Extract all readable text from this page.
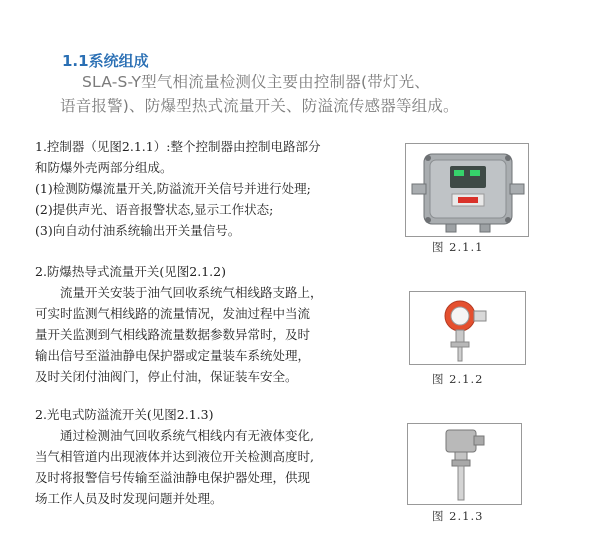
1.1系统组成
SLA-S-Y型气相流量检测仪主要由控制器(带灯光、
语音报警)、防爆型热式流量开关、防溢流传感器等组成。
1.控制器（见图2.1.1）:整个控制器由控制电路部分
和防爆外壳两部分组成。
(1)检测防爆流量开关,防溢流开关信号并进行处理;
(2)提供声光、语音报警状态,显示工作状态;
(3)向自动付油系统输出开关量信号。
2.防爆热导式流量开关(见图2.1.2)
流量开关安装于油气回收系统气相线路支路上，
可实时监测气相线路的流量情况，发油过程中当流
量开关监测到气相线路流量数据参数异常时，及时
输出信号至溢油静电保护器或定量装车系统处理，
及时关闭付油阀门，停止付油，保证装车安全。
2.光电式防溢流开关(见图2.1.3)
通过检测油气回收系统气相线内有无液体变化,
当气相管道内出现液体并达到液位开关检测高度时,
及时将报警信号传输至溢油静电保护器处理，供现
场工作人员及时发现问题并处理。
图 2.1.1
图 2.1.2
图 2.1.3
